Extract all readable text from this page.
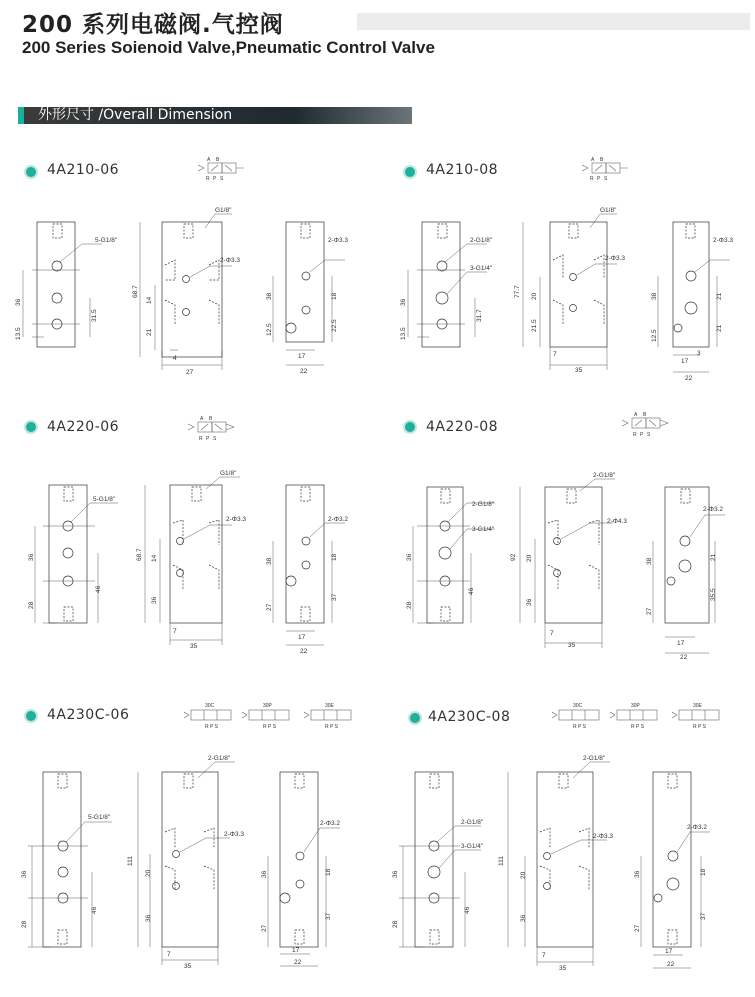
200 系列电磁阀.气控阀
200 Series Soienoid Valve,Pneumatic Control Valve
外形尺寸 /Overall Dimension
4A210-06
A B
R P S
5-G1/8"
36
13.5
31.5
G1/8"
2-Φ3.3
68.7
14
21
4
27
2-Φ3.3
38	18
22.5
12.5
17
22
4A210-08
A B
R P S
2-G1/8"
3-G1/4"
36
13.5
31.7
G1/8"
2-Φ3.3
77.7 20
21.5
7
35
2-Φ3.3
38	21
21
12.5
17
3
22
4A220-06	A B
R P S
5-G1/8"
36
28
46
G1/8"
2-Φ3.3
68.7 14
36
7
35
2-Φ3.2
38
18
37
27
17
22
4A220-08
A B
R P S
2-G1/8"
3-G1/4"
36
28
46
2-G1/8"
2-Φ4.3
92 20
36
7
35
2-Φ3.2
38
21
35.5
27
17
22
4A230C-06
30C	30P	30E
R P S	R P S	R P S
5-G1/8"
36
28
46
2-G1/8"
2-Φ3.3
111
20
36
7
35
2-Φ3.2
36	18
37
27
17
22
4A230C-08
30C	30P	30E
R P S	R P S	R P S
2-G1/8"
3-G1/4"
36
28
46
2-G1/8"
2-Φ3.3
111
20
36
7
35
2-Φ3.2
36	18
37
27
17
22
